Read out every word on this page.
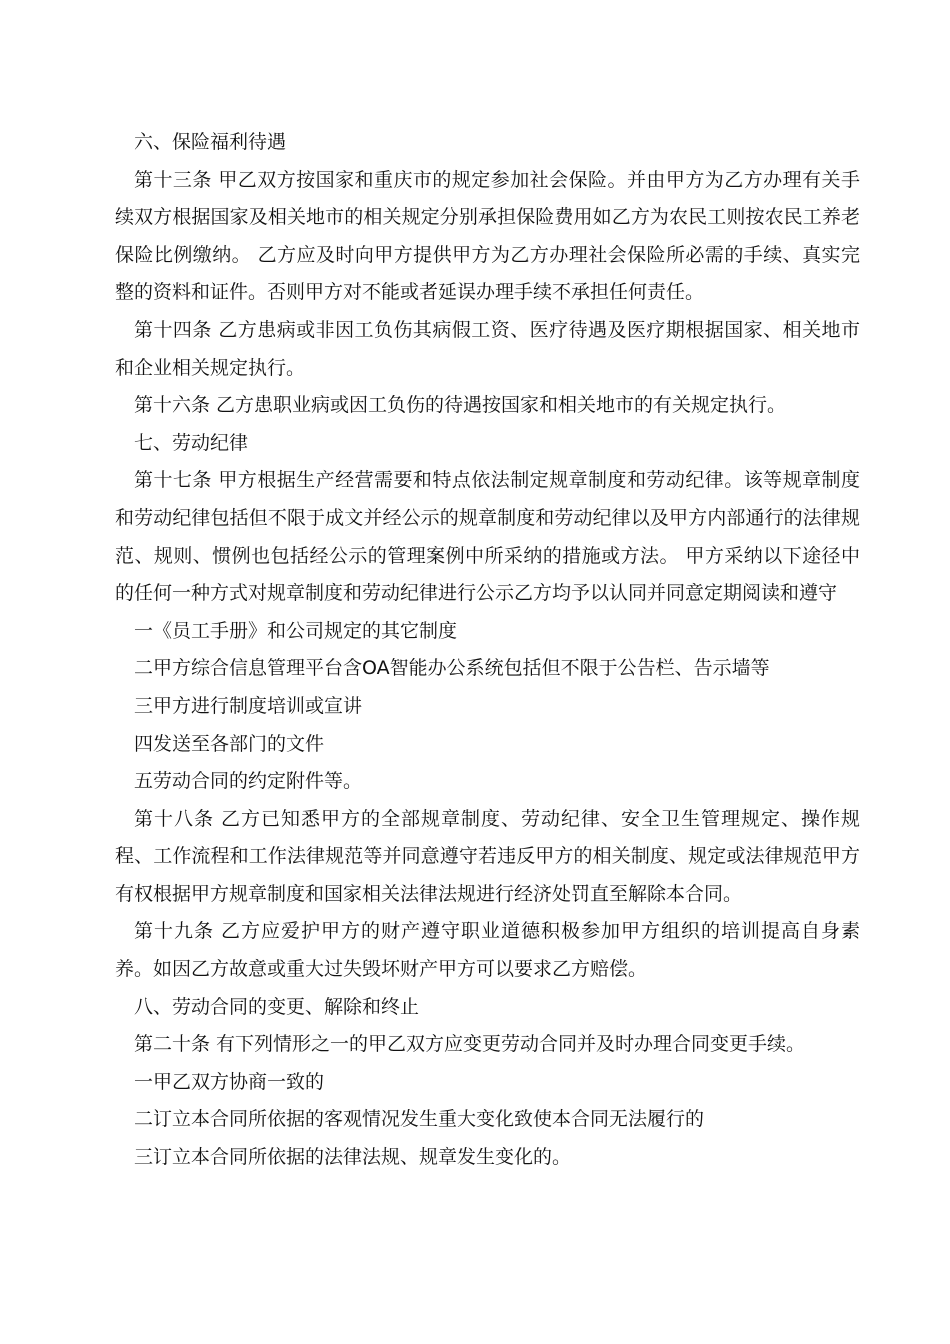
六、保险福利待遇

第十三条 甲乙双方按国家和重庆市的规定参加社会保险。并由甲方为乙方办理有关手续双方根据国家及相关地市的相关规定分别承担保险费用如乙方为农民工则按农民工养老保险比例缴纳。 乙方应及时向甲方提供甲方为乙方办理社会保险所必需的手续、真实完整的资料和证件。否则甲方对不能或者延误办理手续不承担任何责任。

第十四条 乙方患病或非因工负伤其病假工资、医疗待遇及医疗期根据国家、相关地市和企业相关规定执行。

第十六条 乙方患职业病或因工负伤的待遇按国家和相关地市的有关规定执行。

七、劳动纪律

第十七条 甲方根据生产经营需要和特点依法制定规章制度和劳动纪律。该等规章制度和劳动纪律包括但不限于成文并经公示的规章制度和劳动纪律以及甲方内部通行的法律规范、规则、惯例也包括经公示的管理案例中所采纳的措施或方法。 甲方采纳以下途径中的任何一种方式对规章制度和劳动纪律进行公示乙方均予以认同并同意定期阅读和遵守

一《员工手册》和公司规定的其它制度

二甲方综合信息管理平台含OA智能办公系统包括但不限于公告栏、告示墙等

三甲方进行制度培训或宣讲

四发送至各部门的文件

五劳动合同的约定附件等。

第十八条 乙方已知悉甲方的全部规章制度、劳动纪律、安全卫生管理规定、操作规程、工作流程和工作法律规范等并同意遵守若违反甲方的相关制度、规定或法律规范甲方有权根据甲方规章制度和国家相关法律法规进行经济处罚直至解除本合同。

第十九条 乙方应爱护甲方的财产遵守职业道德积极参加甲方组织的培训提高自身素养。如因乙方故意或重大过失毁坏财产甲方可以要求乙方赔偿。

八、劳动合同的变更、解除和终止

第二十条 有下列情形之一的甲乙双方应变更劳动合同并及时办理合同变更手续。

一甲乙双方协商一致的

二订立本合同所依据的客观情况发生重大变化致使本合同无法履行的

三订立本合同所依据的法律法规、规章发生变化的。
